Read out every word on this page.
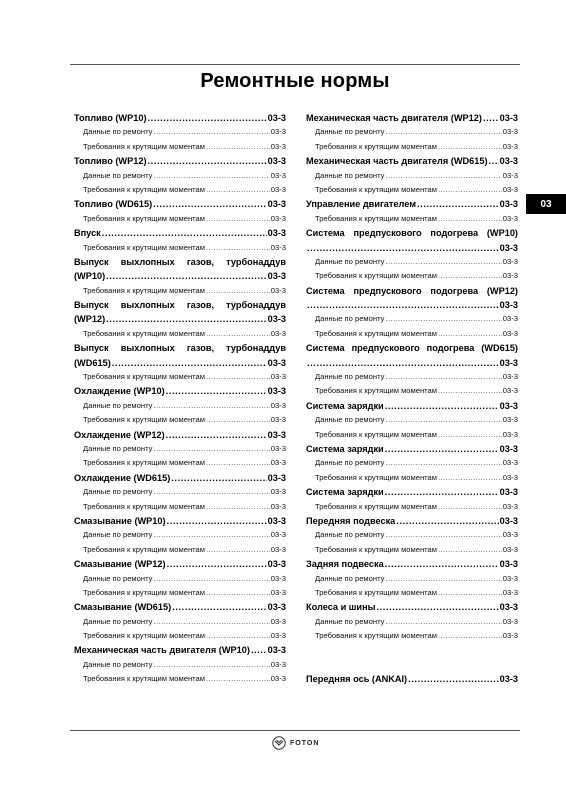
Ремонтные нормы
Топливо (WP10) .....	03-3
Данные по ремонту .....	03-3
Требования к крутящим моментам .....	03-3
Топливо (WP12) .....	03-3
Данные по ремонту .....	03-3
Требования к крутящим моментам .....	03-3
Топливо (WD615) .....	03-3
Требования к крутящим моментам .....	03-3
Впуск .....	03-3
Требования к крутящим моментам .....	03-3
Выпуск выхлопных газов, турбонаддув
(WP10) .....	03-3
Требования к крутящим моментам .....	03-3
Выпуск выхлопных газов, турбонаддув
(WP12) .....	03-3
Требования к крутящим моментам .....	03-3
Выпуск выхлопных газов, турбонаддув
(WD615) .....	03-3
Требования к крутящим моментам .....	03-3
Охлаждение (WP10) .....	03-3
Данные по ремонту .....	03-3
Требования к крутящим моментам .....	03-3
Охлаждение (WP12) .....	03-3
Данные по ремонту .....	03-3
Требования к крутящим моментам .....	03-3
Охлаждение (WD615) .....	03-3
Данные по ремонту .....	03-3
Требования к крутящим моментам .....	03-3
Смазывание (WP10) .....	03-3
Данные по ремонту .....	03-3
Требования к крутящим моментам .....	03-3
Смазывание (WP12) .....	03-3
Данные по ремонту .....	03-3
Требования к крутящим моментам .....	03-3
Смазывание (WD615) .....	03-3
Данные по ремонту .....	03-3
Требования к крутящим моментам .....	03-3
Механическая часть двигателя (WP10) ..... 03-3
Данные по ремонту .....	03-3
Требования к крутящим моментам .....	03-3
Механическая часть двигателя (WP12) ..... 03-3
Данные по ремонту .....	03-3
Требования к крутящим моментам .....	03-3
Механическая часть двигателя (WD615) ..... 03-3
Данные по ремонту .....	03-3
Требования к крутящим моментам .....	03-3
Управление двигателем .....	03-3
Требования к крутящим моментам .....	03-3
Система предпускового подогрева (WP10)
.....
03-3
Данные по ремонту .....	03-3
Требования к крутящим моментам .....	03-3
Система предпускового подогрева (WP12)
.....
03-3
Данные по ремонту .....	03-3
Требования к крутящим моментам .....	03-3
Система предпускового подогрева (WD615)
.....
03-3
Данные по ремонту .....	03-3
Требования к крутящим моментам .....	03-3
Система зарядки .....	03-3
Данные по ремонту .....	03-3
Требования к крутящим моментам .....	03-3
Система зарядки .....	03-3
Данные по ремонту .....	03-3
Требования к крутящим моментам .....	03-3
Система зарядки .....	03-3
Требования к крутящим моментам .....	03-3
Передняя подвеска .....	03-3
Данные по ремонту .....	03-3
Требования к крутящим моментам .....	03-3
Задняя подвеска .....	03-3
Данные по ремонту .....	03-3
Требования к крутящим моментам .....	03-3
Колеса и шины .....	03-3
Данные по ремонту .....	03-3
Требования к крутящим моментам .....	03-3
Передняя ось (ANKAI) .....	03-3
03
FOTON
